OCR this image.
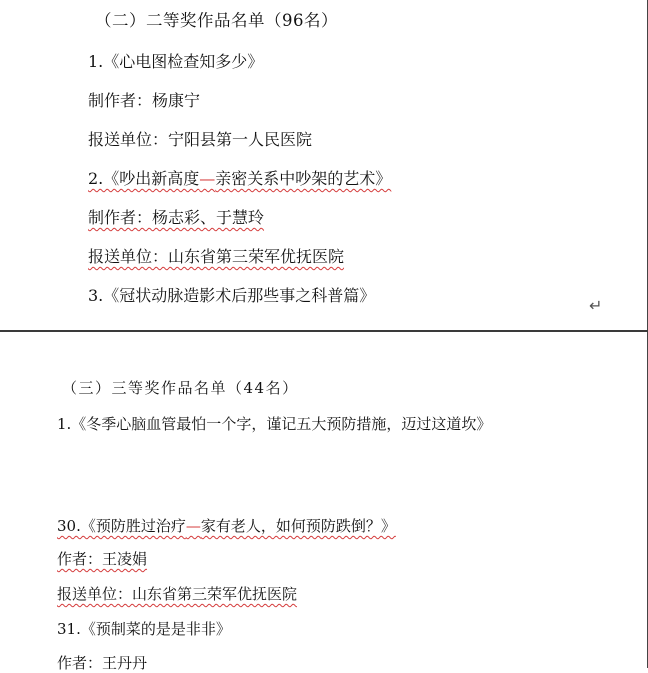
（二）二等奖作品名单（96名）
1.《心电图检查知多少》
制作者：杨康宁
报送单位：宁阳县第一人民医院
2.《吵出新高度—亲密关系中吵架的艺术》
制作者：杨志彩、于慧玲
报送单位：山东省第三荣军优抚医院
3.《冠状动脉造影术后那些事之科普篇》
↵
（三）三等奖作品名单（44名）
1.《冬季心脑血管最怕一个字，谨记五大预防措施，迈过这道坎》
30.《预防胜过治疗—家有老人，如何预防跌倒？》
作者：王凌娟
报送单位：山东省第三荣军优抚医院
31.《预制菜的是是非非》
作者：王丹丹
